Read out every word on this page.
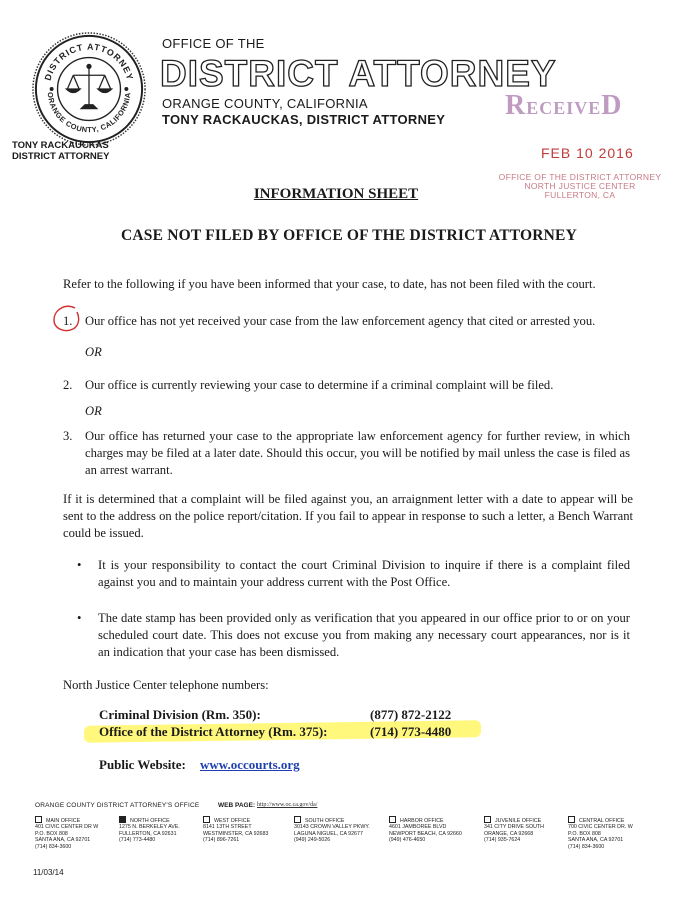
DISTRICT ATTORNEY
ORANGE COUNTY, CALIFORNIA
TONY RACKAUCKAS
DISTRICT ATTORNEY
OFFICE OF THE
DISTRICT ATTORNEY
ORANGE COUNTY, CALIFORNIA
TONY RACKAUCKAS, DISTRICT ATTORNEY RECEIVED
FEB 10 2016
OFFICE OF THE DISTRICT ATTORNEY
NORTH JUSTICE CENTER
FULLERTON, CA
INFORMATION SHEET
CASE NOT FILED BY OFFICE OF THE DISTRICT ATTORNEY
Refer to the following if you have been informed that your case, to date, has not been filed with the court.
1. Our office has not yet received your case from the law enforcement agency that cited or arrested you.
OR
2. Our office is currently reviewing your case to determine if a criminal complaint will be filed.
OR
3. Our office has returned your case to the appropriate law enforcement agency for further review, in which charges may be filed at a later date. Should this occur, you will be notified by mail unless the case is filed as an arrest warrant.
If it is determined that a complaint will be filed against you, an arraignment letter with a date to appear will be sent to the address on the police report/citation. If you fail to appear in response to such a letter, a Bench Warrant could be issued.
•	It is your responsibility to contact the court Criminal Division to inquire if there is a complaint filed against you and to maintain your address current with the Post Office.
•	The date stamp has been provided only as verification that you appeared in our office prior to or on your scheduled court date. This does not excuse you from making any necessary court appearances, nor is it an indication that your case has been dismissed.
North Justice Center telephone numbers:
Criminal Division (Rm. 350):	(877) 872-2122
Office of the District Attorney (Rm. 375):	(714) 773-4480
Public Website: www.occourts.org
ORANGE COUNTY DISTRICT ATTORNEY'S OFFICE	WEB PAGE: http://www.oc.ca.gov/da/
MAIN OFFICE
401 CIVIC CENTER DR W
P.O. BOX 808
SANTA ANA, CA 92701
(714) 834-3600
NORTH OFFICE
1275 N. BERKELEY AVE.
FULLERTON, CA 92631
(714) 773-4480
WEST OFFICE
8141 13TH STREET
WESTMINSTER, CA 92683
(714) 896-7261
SOUTH OFFICE
30143 CROWN VALLEY PKWY.
LAGUNA NIGUEL, CA 92677
(949) 249-5026
HARBOR OFFICE
4601 JAMBOREE BLVD
NEWPORT BEACH, CA 92660
(949) 476-4650
JUVENILE OFFICE
341 CITY DRIVE SOUTH
ORANGE, CA 92668
(714) 935-7624
CENTRAL OFFICE
700 CIVIC CENTER DR. W
P.O. BOX 808
SANTA ANA, CA 92701
(714) 834-3600
11/03/14
